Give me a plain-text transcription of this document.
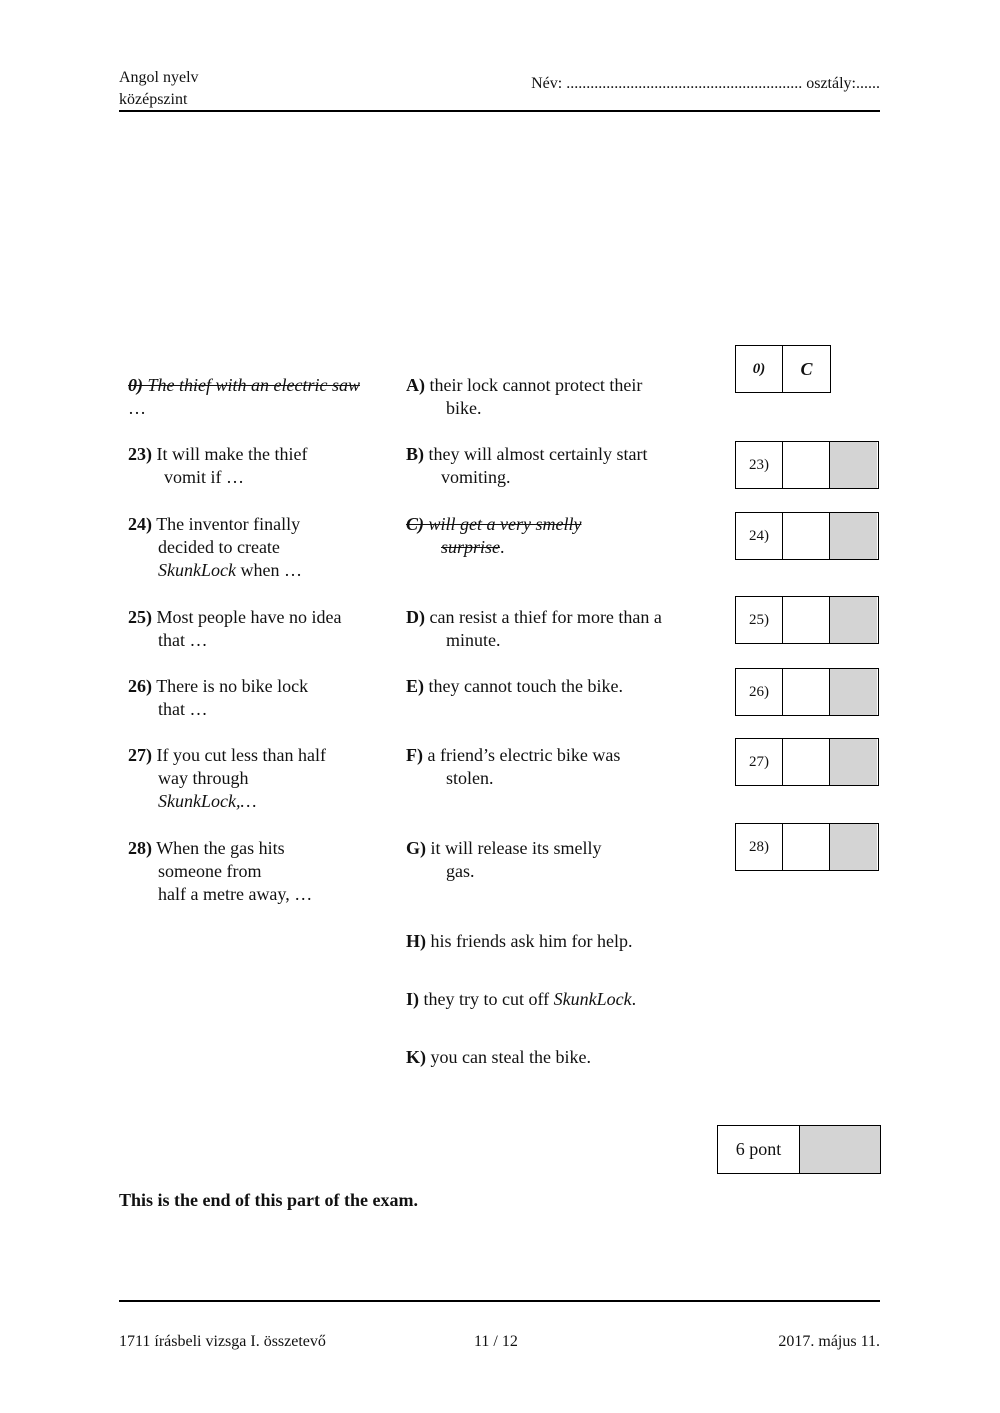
Angol nyelv
középszint
Név: ........................................................... osztály:......
0) The thief with an electric saw …
23) It will make the thief
vomit if …
24) The inventor finally
decided to create
SkunkLock when …
25) Most people have no idea
that …
26) There is no bike lock
that …
27) If you cut less than half
way through
SkunkLock,…
28) When the gas hits
someone from
half a metre away, …
A) their lock cannot protect their
bike.
B) they will almost certainly start
vomiting.
C) will get a very smelly
surprise.
D) can resist a thief for more than a
minute.
E) they cannot touch the bike.
F) a friend’s electric bike was
stolen.
G) it will release its smelly
gas.
H) his friends ask him for help.
I) they try to cut off SkunkLock.
K) you can steal the bike.
0)	C
23)
24)
25)
26)
27)
28)
6 pont
This is the end of this part of the exam.
1711 írásbeli vizsga I. összetevő	11 / 12	2017. május 11.
